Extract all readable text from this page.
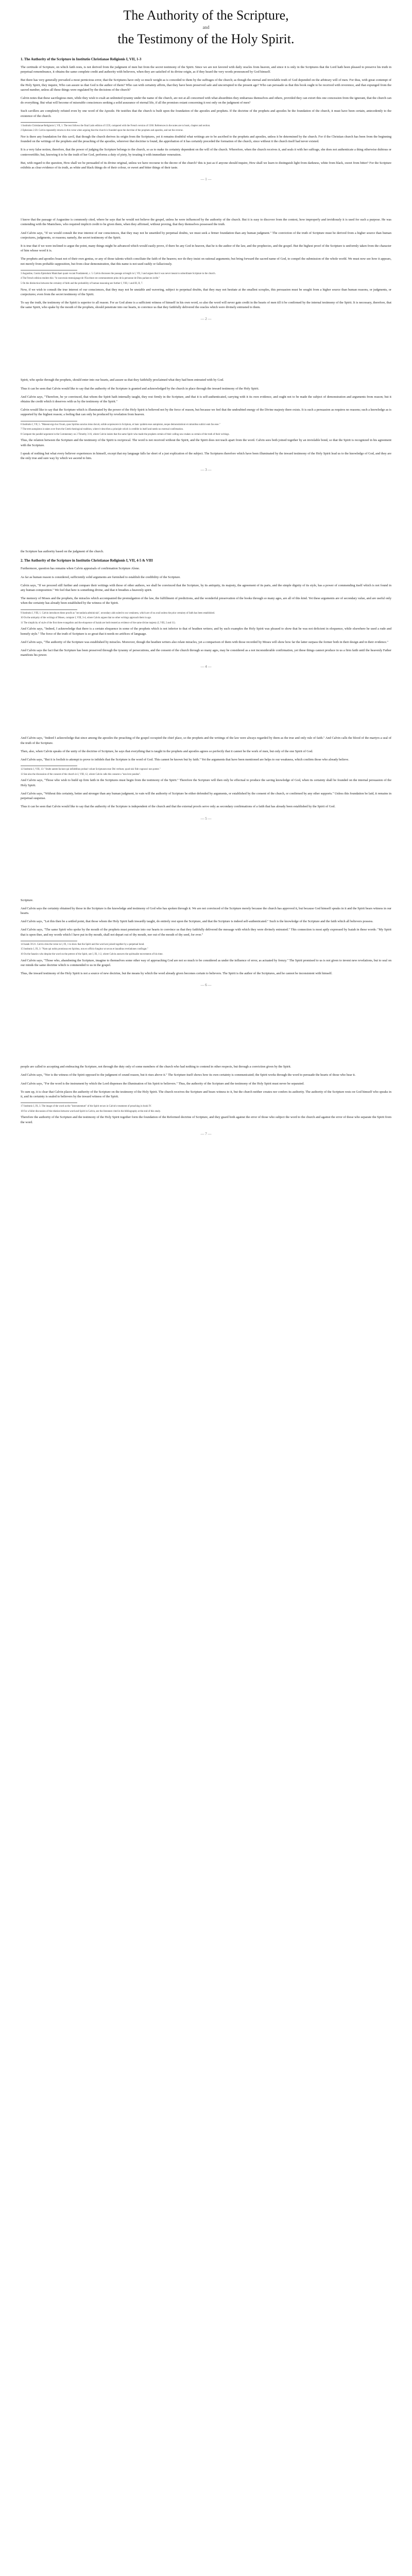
The Authority of the Scripture,
and
the Testimony of the Holy Spirit.
1. The Authority of the Scripture in Institutio Christianae Religionis I, VII, 1-3

The certitude of Scripture, on which faith rests, is not derived from the judgment of men but from the secret testimony of the Spirit. Since we are not favored with daily oracles from heaven, and since it is only in the Scriptures that the Lord hath been pleased to preserve his truth in perpetual remembrance, it obtains the same complete credit and authority with believers, when they are satisfied of its divine origin, as if they heard the very words pronounced by God himself.

But there has very generally prevailed a most pernicious error, that the Scriptures have only so much weight as is conceded to them by the suffrages of the church; as though the eternal and inviolable truth of God depended on the arbitrary will of men. For thus, with great contempt of the Holy Spirit, they inquire, Who can assure us that God is the author of them? Who can with certainty affirm, that they have been preserved safe and uncorrupted to the present age? Who can persuade us that this book ought to be received with reverence, and that expunged from the sacred number, unless all these things were regulated by the decisions of the church?

Calvin notes that these sacrilegious men, while they wish to exalt an unlimited tyranny under the name of the church, are not at all concerned with what absurdities they embarrass themselves and others, provided they can extort this one concession from the ignorant, that the church can do everything. But what will become of miserable consciences seeking a solid assurance of eternal life, if all the promises extant concerning it rest only on the judgment of men?

Such cavillers are completely refuted even by one word of the Apostle. He testifies that the church is built upon the foundation of the apostles and prophets. If the doctrine of the prophets and apostles be the foundation of the church, it must have been certain, antecedently to the existence of the church.

1 Institutio Christianae Religionis I, VII, 1. The text follows the final Latin edition of 1559, compared with the French version of 1560. References in the notes are to book, chapter and section.

2 Ephesians 2:20. Calvin repeatedly returns to this verse when arguing that the church is founded upon the doctrine of the prophets and apostles, and not the reverse.

Nor is there any foundation for this cavil, that though the church derives its origin from the Scriptures, yet it remains doubtful what writings are to be ascribed to the prophets and apostles, unless it be determined by the church. For if the Christian church has been from the beginning founded on the writings of the prophets and the preaching of the apostles, wherever that doctrine is found, the approbation of it has certainly preceded the formation of the church, since without it the church itself had never existed.

It is a very false notion, therefore, that the power of judging the Scripture belongs to the church, so as to make its certainty dependent on the will of the church. Wherefore, when the church receives it, and seals it with her suffrage, she does not authenticate a thing otherwise dubious or controvertible; but, knowing it to be the truth of her God, performs a duty of piety, by treating it with immediate veneration.

But, with regard to the question, How shall we be persuaded of its divine original, unless we have recourse to the decree of the church? this is just as if anyone should inquire, How shall we learn to distinguish light from darkness, white from black, sweet from bitter? For the Scripture exhibits as clear evidence of its truth, as white and black things do of their colour, or sweet and bitter things of their taste.

— 1 —

I know that the passage of Augustine is commonly cited, where he says that he would not believe the gospel, unless he were influenced by the authority of the church. But it is easy to discover from the context, how improperly and invidiously it is used for such a purpose. He was contending with the Manichees, who required implicit credit to be given them, when they affirmed, without proving, that they themselves possessed the truth.

And Calvin says, "If we would consult the true interest of our consciences, that they may not be unsettled by perpetual doubts, we must seek a firmer foundation than any human judgment." The conviction of the truth of Scripture must be derived from a higher source than human conjectures, judgments, or reasons; namely, the secret testimony of the Spirit.

It is true that if we were inclined to argue the point, many things might be advanced which would easily prove, if there be any God in heaven, that he is the author of the law, and the prophecies, and the gospel. But the highest proof of the Scripture is uniformly taken from the character of him whose word it is.

The prophets and apostles boast not of their own genius, or any of those talents which conciliate the faith of the hearers; nor do they insist on rational arguments; but bring forward the sacred name of God, to compel the submission of the whole world. We must now see how it appears, not merely from probable supposition, but from clear demonstration, that this name is not used rashly or fallaciously.

3 Augustine, Contra Epistolam Manichaei quam vocant Fundamenti, c. 5. Calvin discusses the passage at length in I, VII, 3 and argues that it was never meant to subordinate Scripture to the church.

4 The French edition renders this: "le souverain tesmoignage de l'Escriture est communement prins de la personne de Dieu parlant en icelle."

5 On the distinction between the certainty of faith and the probability of human reasoning see further I, VIII, 1 and III, II, 7.

Now, if we wish to consult the true interest of our consciences, that they may not be unstable and wavering, subject to perpetual doubts, that they may not hesitate at the smallest scruples, this persuasion must be sought from a higher source than human reasons, or judgments, or conjectures; even from the secret testimony of the Spirit.

To say the truth, the testimony of the Spirit is superior to all reason. For as God alone is a sufficient witness of himself in his own word, so also the word will never gain credit in the hearts of men till it be confirmed by the internal testimony of the Spirit. It is necessary, therefore, that the same Spirit, who spake by the mouth of the prophets, should penetrate into our hearts, to convince us that they faithfully delivered the oracles which were divinely entrusted to them.

— 2 —

Spirit, who spoke through the prophets, should enter into our hearts, and assure us that they faithfully proclaimed what they had been entrusted with by God.

Thus it can be seen that Calvin would like to say that the authority of the Scripture is granted and acknowledged by the church in place through the inward testimony of the Holy Spirit.

And Calvin says, "Therefore, be ye convinced, that whom the Spirit hath internally taught, they rest firmly in the Scripture, and that it is self-authenticated, carrying with it its own evidence, and ought not to be made the subject of demonstration and arguments from reason; but it obtains the credit which it deserves with us by the testimony of the Spirit."

Calvin would like to say that the Scripture which is illuminated by the power of the Holy Spirit is believed not by the force of reason, but because we feel that the undoubted energy of the Divine majesty there exists. It is such a persuasion as requires no reasons; such a knowledge as is supported by the highest reason; a feeling that can only be produced by revelation from heaven.

6 Institutio I, VII, 5. "Maneat ergo hoc fixum, quos Spiritus sanctus intus docuit, solide acquiescere in Scriptura, et hanc quidem esse autopiston, neque demonstrationi et rationibus subiici eam fas esse."

7 The term autopistos is taken over from the Greek theological tradition, where it describes a principle which is credible in itself and needs no external confirmation.

8 Compare the parallel argument in the Commentary on 2 Timothy 3:16, where Calvin insists that the same Spirit who made the prophets certain of their calling now makes us certain of the truth of their writings.

Thus, the relation between the Scripture and the testimony of the Spirit is reciprocal. The word is not received without the Spirit, and the Spirit does not teach apart from the word. Calvin sees both joined together by an inviolable bond, so that the Spirit is recognized in his agreement with the Scripture.

I speak of nothing but what every believer experiences in himself, except that my language falls far short of a just explication of the subject. The Scriptures therefore which have been illuminated by the inward testimony of the Holy Spirit lead us to the knowledge of God, and they are the only true and sure way by which we ascend to him.

— 3 —

the Scripture has authority based on the judgment of the church.

2. The Authority of the Scripture in Institutio Christianae Religionis I, VII, 4-5 & VIII

Furthermore, question has remains when Calvin appraisals of confirmation Scripture Alone.

As far as human reason is considered, sufficiently solid arguments are furnished to establish the credibility of the Scripture.

Calvin says, "If we proceed still further and compare their writings with those of other authors, we shall be convinced that the Scripture, by its antiquity, its majesty, the agreement of its parts, and the simple dignity of its style, has a power of commending itself which is not found in any human composition." We feel that here is something divine, and that it breathes a heavenly spirit.

The memory of Moses and the prophets, the miracles which accompanied the promulgation of the law, the fulfillment of predictions, and the wonderful preservation of the books through so many ages, are all of this kind. Yet these arguments are of secondary value, and are useful only when the certainty has already been established by the witness of the Spirit.

9 Institutio I, VIII, 1. Calvin introduces these proofs as "secundaria adminicula", secondary aids suited to our weakness, which are of no avail unless the prior certainty of faith has been established.

10 On the antiquity of the writings of Moses, compare I, VIII, 3-4, where Calvin argues that no other writings approach them in age.

11 The simplicity of style of the first three evangelists and the eloquence of Isaiah are both treated as evidence of the same divine majesty (I, VIII, 2 and 11).

And Calvin says, "Indeed, I acknowledge that there is a certain eloquence in some of the prophets which is not inferior to that of heathen writers; and by such examples the Holy Spirit was pleased to show that he was not deficient in eloquence, while elsewhere he used a rude and homely style." The force of the truth of Scripture is so great that it needs no artifices of language.

And Calvin says, "The authority of the Scripture was established by miracles. Moreover, though the heathen writers also relate miracles, yet a comparison of them with those recorded by Moses will show how far the latter surpass the former both in their design and in their evidence."

And Calvin says the fact that the Scripture has been preserved through the tyranny of persecutions, and the consent of the church through so many ages, may be considered as a not inconsiderable confirmation, yet these things cannot produce in us a firm faith until the heavenly Father manifests his power.

— 4 —

And Calvin says, "Indeed I acknowledge that since among the apostles the preaching of the gospel occupied the chief place, so the prophets and the writings of the law were always regarded by them as the true and only rule of faith." And Calvin calls the blood of the martyrs a seal of the truth of the Scripture.

Then, also, when Calvin speaks of the unity of the doctrine of Scripture, he says that everything that is taught in the prophets and apostles agrees so perfectly that it cannot be the work of men, but only of the one Spirit of God.

And Calvin says, "But it is foolish to attempt to prove to infidels that the Scripture is the word of God. This cannot be known but by faith." Yet the arguments that have been mentioned are helps to our weakness, which confirm those who already believe.

12 Institutio I, VIII, 13: "Stulte autem faciunt qui infidelibus probari volunt Scripturam esse Dei verbum; quod nisi fide cognosci non potest."

13 See also the discussion of the consent of the church in I, VIII, 12, where Calvin calls this consent a "non leve pondus".

And Calvin says, "Those who wish to build up firm faith in the Scriptures must begin from the testimony of the Spirit." Therefore the Scripture will then only be effectual to produce the saving knowledge of God, when its certainty shall be founded on the internal persuasion of the Holy Spirit.

And Calvin says, "Without this certainty, better and stronger than any human judgment, in vain will the authority of Scripture be either defended by arguments, or established by the consent of the church, or confirmed by any other supports." Unless this foundation be laid, it remains in perpetual suspense.

Thus it can be seen that Calvin would like to say that the authority of the Scripture is independent of the church and that the external proofs serve only as secondary confirmations of a faith that has already been established by the Spirit of God.

— 5 —

Scripture.

And Calvin says the certainty obtained by those in the Scripture is the knowledge and testimony of God who has spoken through it. We are not convinced of the Scripture merely because the church has approved it, but because God himself speaks in it and the Spirit bears witness in our hearts.

And Calvin says, "Let this then be a settled point, that those whom the Holy Spirit hath inwardly taught, do entirely rest upon the Scripture, and that the Scripture is indeed self-authenticated." Such is the knowledge of the Scripture and the faith which all believers possess.

And Calvin says, "The same Spirit who spoke by the mouth of the prophets must penetrate into our hearts to convince us that they faithfully delivered the message with which they were divinely entrusted." This connection is most aptly expressed by Isaiah in these words: "My Spirit that is upon thee, and my words which I have put in thy mouth, shall not depart out of thy mouth, nor out of the mouth of thy seed, for ever."

14 Isaiah 59:21. Calvin cites the verse in I, IX, 1 to show that the Spirit and the word are joined together by a perpetual bond.

15 Institutio I, IX, 3: "Nam qui nobis promissus est Spiritus, non eo officio fungitur ut novas et inauditas revelationes confingat."

16 On the fanatics who despise the word on the pretext of the Spirit, see I, IX, 1-2, where Calvin answers the spiritualist movements of his time.

And Calvin says, "Those who, abandoning the Scripture, imagine to themselves some other way of approaching God are not so much to be considered as under the influence of error, as actuated by frenzy." The Spirit promised to us is not given to invent new revelations, but to seal on our minds the same doctrine which is commended to us in the gospel.

Thus, the inward testimony of the Holy Spirit is not a source of new doctrine, but the means by which the word already given becomes certain to believers. The Spirit is the author of the Scriptures, and he cannot be inconsistent with himself.

— 6 —

people are called to accepting and embracing the Scripture, not through the duty only of some members of the church who had nothing to contend in other respects, but through a conviction given by the Spirit.

And Calvin says, "Nor is the witness of the Spirit opposed to the judgment of sound reason, but it rises above it." The Scripture itself shows how its own certainty is communicated; the Spirit works through the word to persuade the hearts of those who hear it.

And Calvin says, "For the word is the instrument by which the Lord dispenses the illumination of his Spirit to believers." Thus, the authority of the Scripture and the testimony of the Holy Spirit must never be separated.

To sum up, it is clear that Calvin places the authority of the Scripture on the testimony of the Holy Spirit. The church receives the Scripture and bears witness to it, but the church neither creates nor confers its authority. The authority of the Scripture rests on God himself who speaks in it, and its certainty is sealed to believers by the inward witness of the Spirit.

17 Institutio I, IX, 3. The image of the word as the "instrumentum" of the Spirit recurs in Calvin's treatment of preaching in book IV.

18 For a fuller discussion of the relation between word and Spirit in Calvin, see the literature cited in the bibliography at the end of this study.

Therefore the authority of the Scripture and the testimony of the Holy Spirit together form the foundation of the Reformed doctrine of Scripture, and they guard both against the error of those who subject the word to the church and against the error of those who separate the Spirit from the word.

— 7 —
